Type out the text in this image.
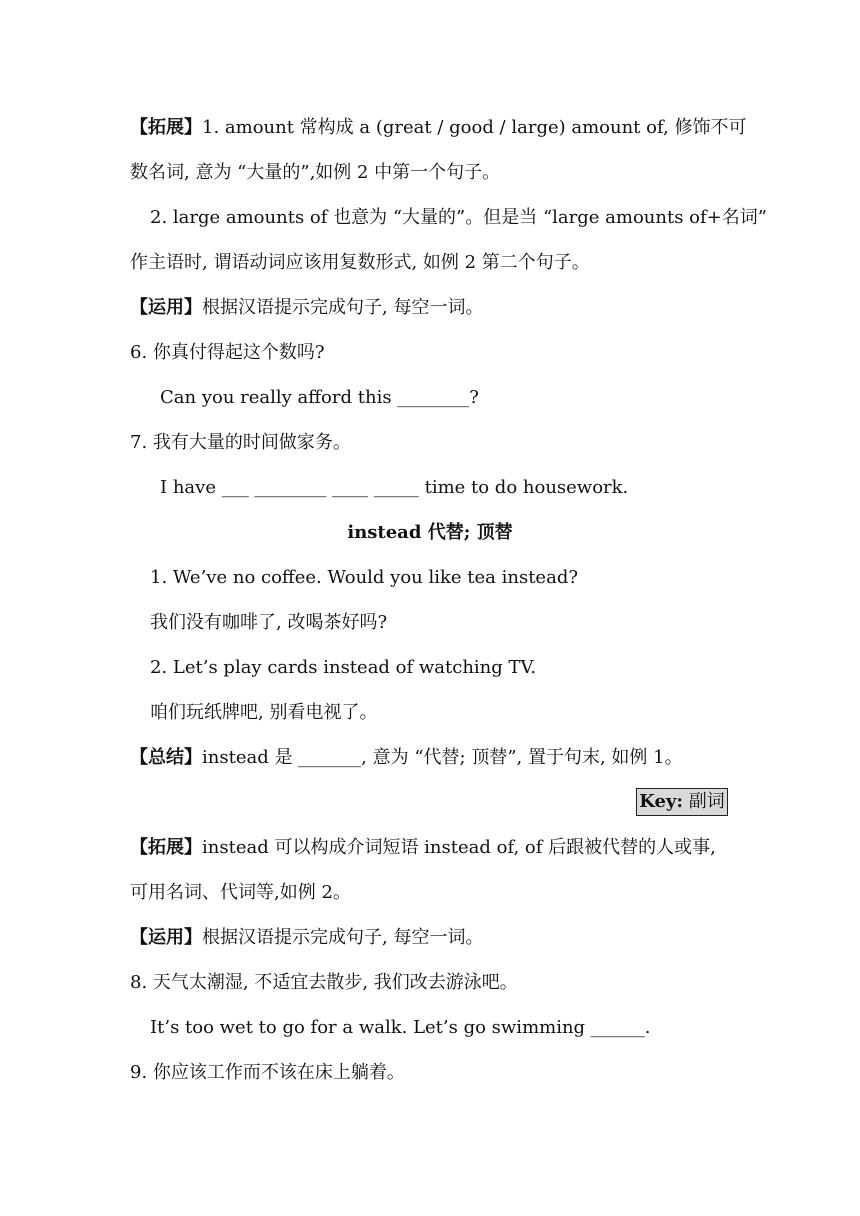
【拓展】1. amount 常构成 a (great / good / large) amount of, 修饰不可
数名词, 意为 “大量的”,如例 2 中第一个句子。
2. large amounts of 也意为 “大量的”。但是当 “large amounts of+名词”
作主语时, 谓语动词应该用复数形式, 如例 2 第二个句子。
【运用】根据汉语提示完成句子, 每空一词。
6. 你真付得起这个数吗?
Can you really afford this ________?
7. 我有大量的时间做家务。
I have ___ ________ ____ _____ time to do housework.
instead 代替; 顶替
1. We’ve no coffee. Would you like tea instead?
我们没有咖啡了, 改喝茶好吗?
2. Let’s play cards instead of watching TV.
咱们玩纸牌吧, 别看电视了。
【总结】instead 是 _______, 意为 “代替; 顶替”, 置于句末, 如例 1。
Key: 副词
【拓展】instead 可以构成介词短语 instead of, of 后跟被代替的人或事,
可用名词、代词等,如例 2。
【运用】根据汉语提示完成句子, 每空一词。
8. 天气太潮湿, 不适宜去散步, 我们改去游泳吧。
It’s too wet to go for a walk. Let’s go swimming ______.
9. 你应该工作而不该在床上躺着。
